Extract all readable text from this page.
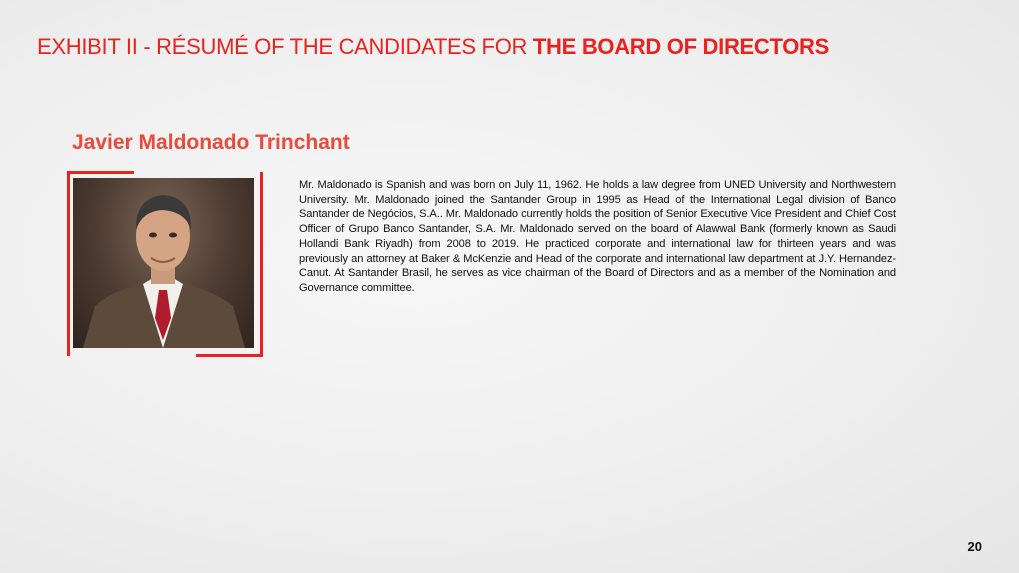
EXHIBIT II - RÉSUMÉ OF THE CANDIDATES FOR THE BOARD OF DIRECTORS
Javier Maldonado Trinchant
Mr. Maldonado is Spanish and was born on July 11, 1962. He holds a law degree from UNED University and Northwestern University. Mr. Maldonado joined the Santander Group in 1995 as Head of the International Legal division of Banco Santander de Negócios, S.A.. Mr. Maldonado currently holds the position of Senior Executive Vice President and Chief Cost Officer of Grupo Banco Santander, S.A. Mr. Maldonado served on the board of Alawwal Bank (formerly known as Saudi Hollandi Bank Riyadh) from 2008 to 2019. He practiced corporate and international law for thirteen years and was previously an attorney at Baker & McKenzie and Head of the corporate and international law department at J.Y. Hernandez-Canut. At Santander Brasil, he serves as vice chairman of the Board of Directors and as a member of the Nomination and Governance committee.
20
